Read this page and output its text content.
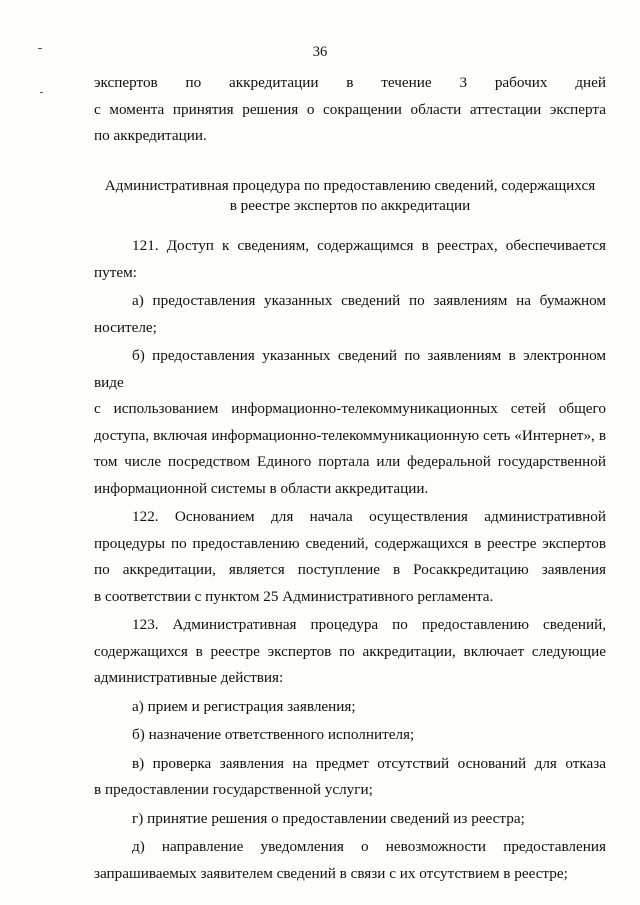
36
экспертов по аккредитации в течение 3 рабочих дней
с момента принятия решения о сокращении области аттестации эксперта
по аккредитации.
Административная процедура по предоставлению сведений, содержащихся
в реестре экспертов по аккредитации
121. Доступ к сведениям, содержащимся в реестрах, обеспечивается
путем:
а) предоставления указанных сведений по заявлениям на бумажном
носителе;
б) предоставления указанных сведений по заявлениям в электронном виде
с использованием информационно-телекоммуникационных сетей общего
доступа, включая информационно-телекоммуникационную сеть «Интернет», в
том числе посредством Единого портала или федеральной государственной
информационной системы в области аккредитации.
122. Основанием для начала осуществления административной
процедуры по предоставлению сведений, содержащихся в реестре экспертов
по аккредитации, является поступление в Росаккредитацию заявления
в соответствии с пунктом 25 Административного регламента.
123. Административная процедура по предоставлению сведений,
содержащихся в реестре экспертов по аккредитации, включает следующие
административные действия:
а) прием и регистрация заявления;
б) назначение ответственного исполнителя;
в) проверка заявления на предмет отсутствий оснований для отказа
в предоставлении государственной услуги;
г) принятие решения о предоставлении сведений из реестра;
д) направление уведомления о невозможности предоставления
запрашиваемых заявителем сведений в связи с их отсутствием в реестре;
